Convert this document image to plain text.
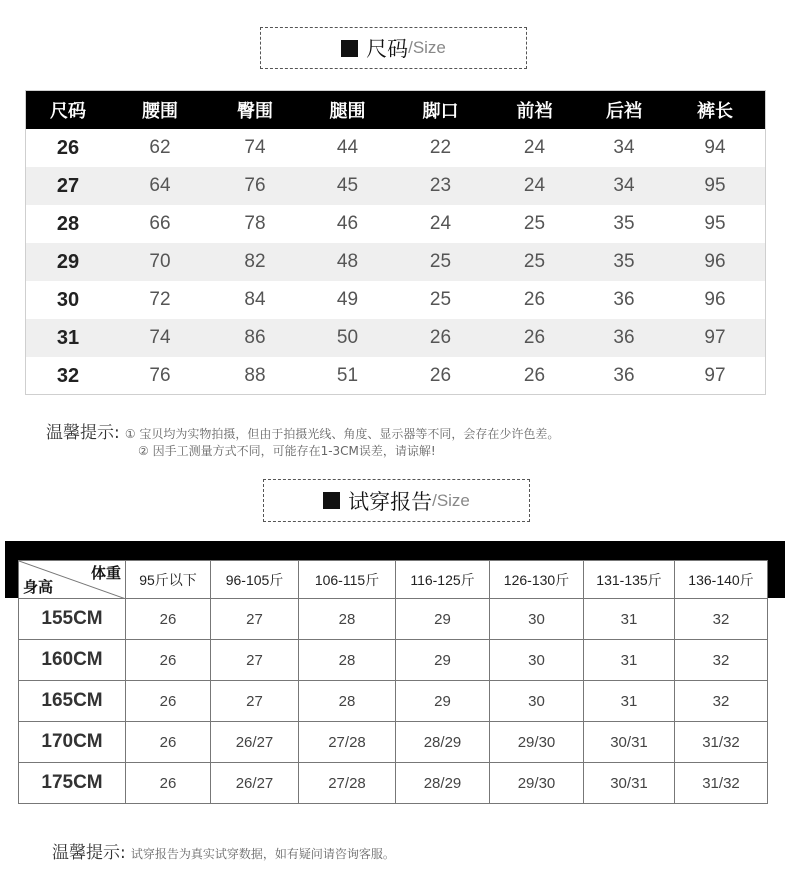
尺码 /Size
尺码	腰围	臀围	腿围	脚口	前裆	后裆	裤长
26	62	74	44	22	24	34	94
27	64	76	45	23	24	34	95
28	66	78	46	24	25	35	95
29	70	82	48	25	25	35	96
30	72	84	49	25	26	36	96
31	74	86	50	26	26	36	97
32	76	88	51	26	26	36	97
温馨提示: ① 宝贝均为实物拍摄，但由于拍摄光线、角度、显示器等不同，会存在少许色差。
② 因手工测量方式不同，可能存在1-3CM误差，请谅解!
试穿报告 /Size
体重
身高	95斤以下	96-105斤	106-115斤	116-125斤	126-130斤	131-135斤	136-140斤
155CM	26	27	28	29	30	31	32
160CM	26	27	28	29	30	31	32
165CM	26	27	28	29	30	31	32
170CM	26	26/27	27/28	28/29	29/30	30/31	31/32
175CM	26	26/27	27/28	28/29	29/30	30/31	31/32
温馨提示: 试穿报告为真实试穿数据，如有疑问请咨询客服。
